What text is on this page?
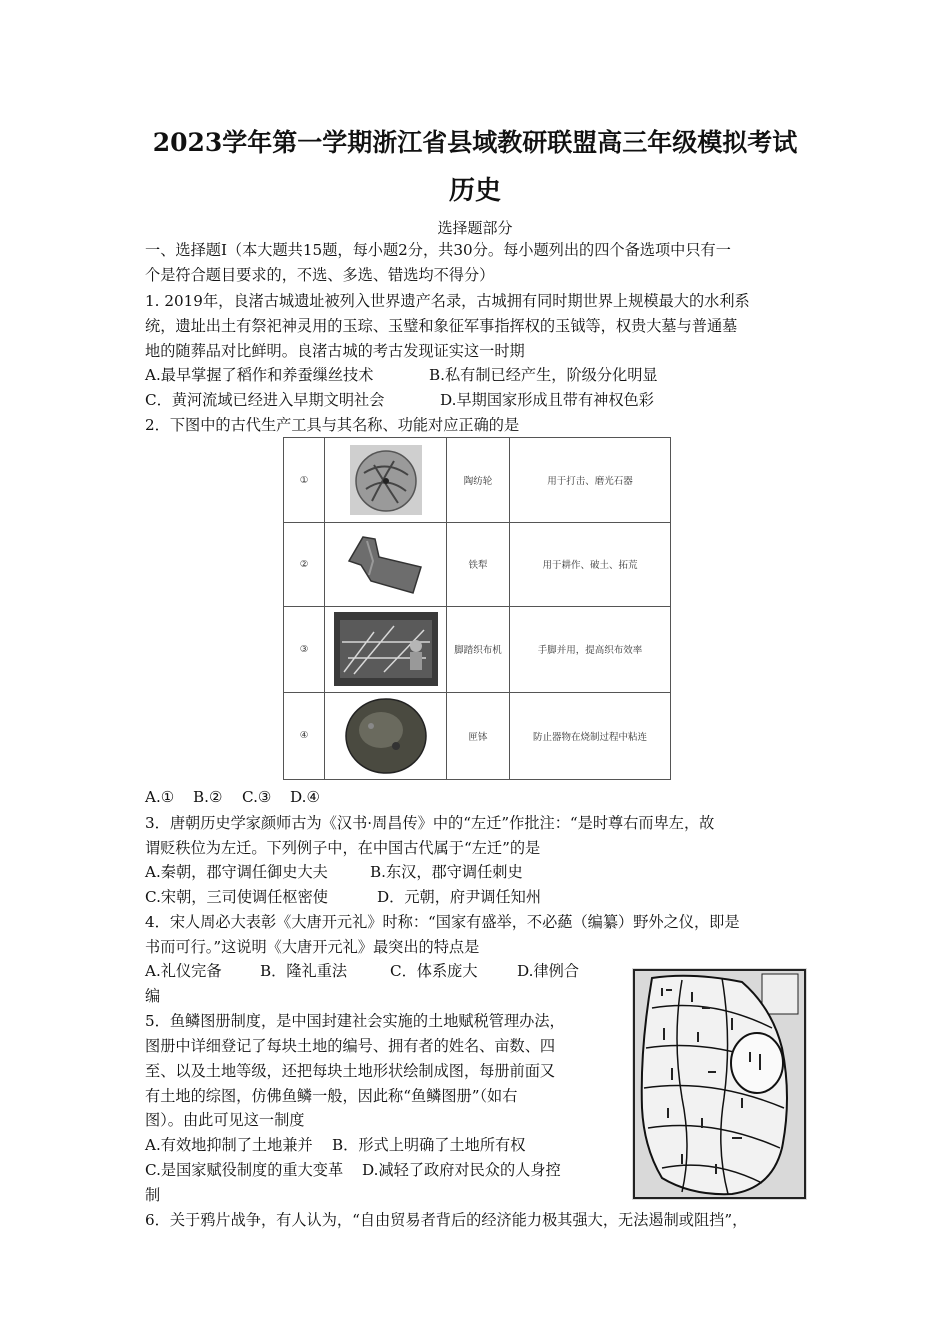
2023学年第一学期浙江省县域教研联盟高三年级模拟考试
历史
选择题部分
一、选择题Ⅰ（本大题共15题，每小题2分，共30分。每小题列出的四个备选项中只有一
个是符合题目要求的，不选、多选、错选均不得分）
1. 2019年，良渚古城遗址被列入世界遗产名录，古城拥有同时期世界上规模最大的水利系
统，遗址出土有祭祀神灵用的玉琮、玉璧和象征军事指挥权的玉钺等，权贵大墓与普通墓
地的随葬品对比鲜明。良渚古城的考古发现证实这一时期
A.最早掌握了稻作和养蚕缫丝技术	B.私有制已经产生，阶级分化明显
C．黄河流域已经进入早期文明社会	D.早期国家形成且带有神权色彩
2．下图中的古代生产工具与其名称、功能对应正确的是
①	陶纺轮	用于打击、磨光石器
②	铁犁	用于耕作、破土、拓荒
③	脚踏织布机	手脚并用，提高织布效率
④	匣钵	防止器物在烧制过程中粘连
A.① B.② C.③ D.④
3．唐朝历史学家颜师古为《汉书·周昌传》中的“左迁”作批注：“是时尊右而卑左，故
谓贬秩位为左迁。下列例子中，在中国古代属于“左迁”的是
A.秦朝，郡守调任御史大夫	B.东汉，郡守调任刺史
C.宋朝，三司使调任枢密使	D．元朝，府尹调任知州
4．宋人周必大表彰《大唐开元礼》时称：“国家有盛举，不必蕝（编纂）野外之仪，即是
书而可行。”这说明《大唐开元礼》最突出的特点是
A.礼仪完备	B．隆礼重法	C．体系庞大	D.律例合
编
5．鱼鳞图册制度，是中国封建社会实施的土地赋税管理办法，
图册中详细登记了每块土地的编号、拥有者的姓名、亩数、四
至、以及土地等级，还把每块土地形状绘制成图，每册前面又
有土地的综图，仿佛鱼鳞一般，因此称“鱼鳞图册”（如右
图）。由此可见这一制度
A.有效地抑制了土地兼并 B．形式上明确了土地所有权
C.是国家赋役制度的重大变革 D.减轻了政府对民众的人身控
制
6．关于鸦片战争，有人认为，“自由贸易者背后的经济能力极其强大，无法遏制或阻挡”，
